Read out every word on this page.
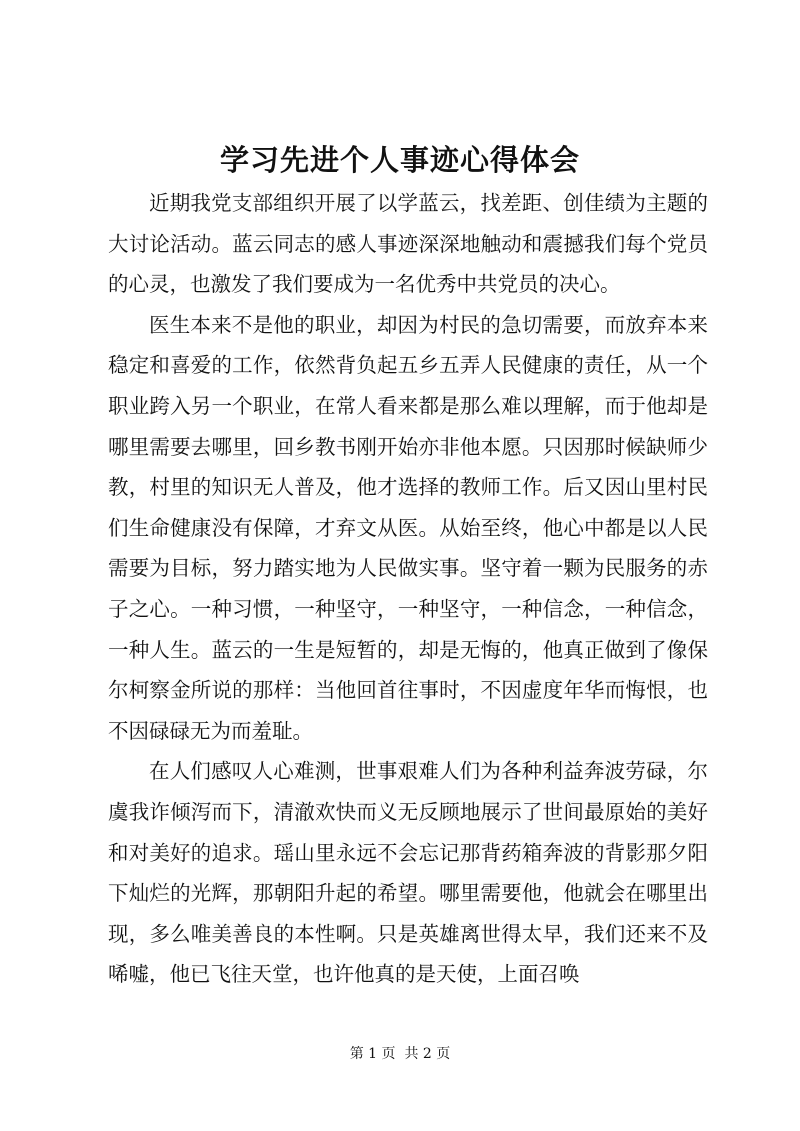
学习先进个人事迹心得体会

近期我党支部组织开展了以学蓝云，找差距、创佳绩为主题的大讨论活动。蓝云同志的感人事迹深深地触动和震撼我们每个党员的心灵，也激发了我们要成为一名优秀中共党员的决心。

医生本来不是他的职业，却因为村民的急切需要，而放弃本来稳定和喜爱的工作，依然背负起五乡五弄人民健康的责任，从一个职业跨入另一个职业，在常人看来都是那么难以理解，而于他却是哪里需要去哪里，回乡教书刚开始亦非他本愿。只因那时候缺师少教，村里的知识无人普及，他才选择的教师工作。后又因山里村民们生命健康没有保障，才弃文从医。从始至终，他心中都是以人民需要为目标，努力踏实地为人民做实事。坚守着一颗为民服务的赤子之心。一种习惯，一种坚守，一种坚守，一种信念，一种信念，一种人生。蓝云的一生是短暂的，却是无悔的，他真正做到了像保尔柯察金所说的那样：当他回首往事时，不因虚度年华而悔恨，也不因碌碌无为而羞耻。

在人们感叹人心难测，世事艰难人们为各种利益奔波劳碌，尔虞我诈倾泻而下，清澈欢快而义无反顾地展示了世间最原始的美好和对美好的追求。瑶山里永远不会忘记那背药箱奔波的背影那夕阳下灿烂的光辉，那朝阳升起的希望。哪里需要他，他就会在哪里出现，多么唯美善良的本性啊。只是英雄离世得太早，我们还来不及唏嘘，他已飞往天堂，也许他真的是天使，上面召唤

第 1 页  共 2 页
